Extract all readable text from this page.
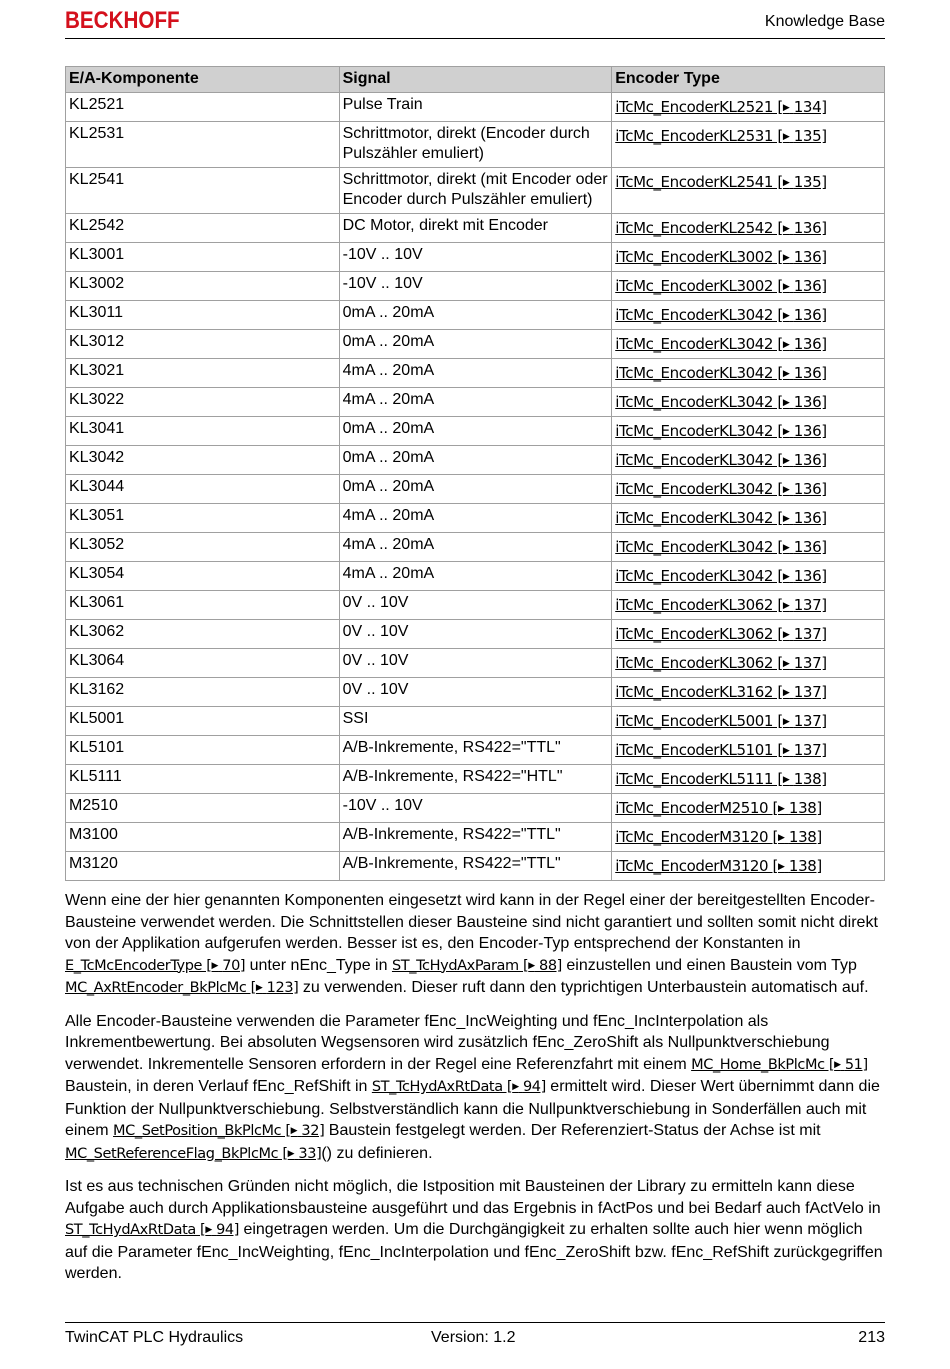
BECKHOFF	Knowledge Base
E/A-Komponente	Signal	Encoder Type
KL2521	Pulse Train	iTcMc_EncoderKL2521 [▶ 134]
KL2531	Schrittmotor, direkt (Encoder durch Pulszähler emuliert)	iTcMc_EncoderKL2531 [▶ 135]
KL2541	Schrittmotor, direkt (mit Encoder oder Encoder durch Pulszähler emuliert)	iTcMc_EncoderKL2541 [▶ 135]
KL2542	DC Motor, direkt mit Encoder	iTcMc_EncoderKL2542 [▶ 136]
KL3001	-10V .. 10V	iTcMc_EncoderKL3002 [▶ 136]
KL3002	-10V .. 10V	iTcMc_EncoderKL3002 [▶ 136]
KL3011	0mA .. 20mA	iTcMc_EncoderKL3042 [▶ 136]
KL3012	0mA .. 20mA	iTcMc_EncoderKL3042 [▶ 136]
KL3021	4mA .. 20mA	iTcMc_EncoderKL3042 [▶ 136]
KL3022	4mA .. 20mA	iTcMc_EncoderKL3042 [▶ 136]
KL3041	0mA .. 20mA	iTcMc_EncoderKL3042 [▶ 136]
KL3042	0mA .. 20mA	iTcMc_EncoderKL3042 [▶ 136]
KL3044	0mA .. 20mA	iTcMc_EncoderKL3042 [▶ 136]
KL3051	4mA .. 20mA	iTcMc_EncoderKL3042 [▶ 136]
KL3052	4mA .. 20mA	iTcMc_EncoderKL3042 [▶ 136]
KL3054	4mA .. 20mA	iTcMc_EncoderKL3042 [▶ 136]
KL3061	0V .. 10V	iTcMc_EncoderKL3062 [▶ 137]
KL3062	0V .. 10V	iTcMc_EncoderKL3062 [▶ 137]
KL3064	0V .. 10V	iTcMc_EncoderKL3062 [▶ 137]
KL3162	0V .. 10V	iTcMc_EncoderKL3162 [▶ 137]
KL5001	SSI	iTcMc_EncoderKL5001 [▶ 137]
KL5101	A/B-Inkremente, RS422="TTL"	iTcMc_EncoderKL5101 [▶ 137]
KL5111	A/B-Inkremente, RS422="HTL"	iTcMc_EncoderKL5111 [▶ 138]
M2510	-10V .. 10V	iTcMc_EncoderM2510 [▶ 138]
M3100	A/B-Inkremente, RS422="TTL"	iTcMc_EncoderM3120 [▶ 138]
M3120	A/B-Inkremente, RS422="TTL"	iTcMc_EncoderM3120 [▶ 138]

Wenn eine der hier genannten Komponenten eingesetzt wird kann in der Regel einer der bereitgestellten Encoder-Bausteine verwendet werden. Die Schnittstellen dieser Bausteine sind nicht garantiert und sollten somit nicht direkt von der Applikation aufgerufen werden. Besser ist es, den Encoder-Typ entsprechend der Konstanten in E_TcMcEncoderType [▶ 70] unter nEnc_Type in ST_TcHydAxParam [▶ 88] einzustellen und einen Baustein vom Typ MC_AxRtEncoder_BkPlcMc [▶ 123] zu verwenden. Dieser ruft dann den typrichtigen Unterbaustein automatisch auf.

Alle Encoder-Bausteine verwenden die Parameter fEnc_IncWeighting und fEnc_IncInterpolation als Inkrementbewertung. Bei absoluten Wegsensoren wird zusätzlich fEnc_ZeroShift als Nullpunktverschiebung verwendet. Inkrementelle Sensoren erfordern in der Regel eine Referenzfahrt mit einem MC_Home_BkPlcMc [▶ 51] Baustein, in deren Verlauf fEnc_RefShift in ST_TcHydAxRtData [▶ 94] ermittelt wird. Dieser Wert übernimmt dann die Funktion der Nullpunktverschiebung. Selbstverständlich kann die Nullpunktverschiebung in Sonderfällen auch mit einem MC_SetPosition_BkPlcMc [▶ 32] Baustein festgelegt werden. Der Referenziert-Status der Achse ist mit MC_SetReferenceFlag_BkPlcMc [▶ 33]() zu definieren.

Ist es aus technischen Gründen nicht möglich, die Istposition mit Bausteinen der Library zu ermitteln kann diese Aufgabe auch durch Applikationsbausteine ausgeführt und das Ergebnis in fActPos und bei Bedarf auch fActVelo in ST_TcHydAxRtData [▶ 94] eingetragen werden. Um die Durchgängigkeit zu erhalten sollte auch hier wenn möglich auf die Parameter fEnc_IncWeighting, fEnc_IncInterpolation und fEnc_ZeroShift bzw. fEnc_RefShift zurückgegriffen werden.

TwinCAT PLC Hydraulics	Version: 1.2	213
